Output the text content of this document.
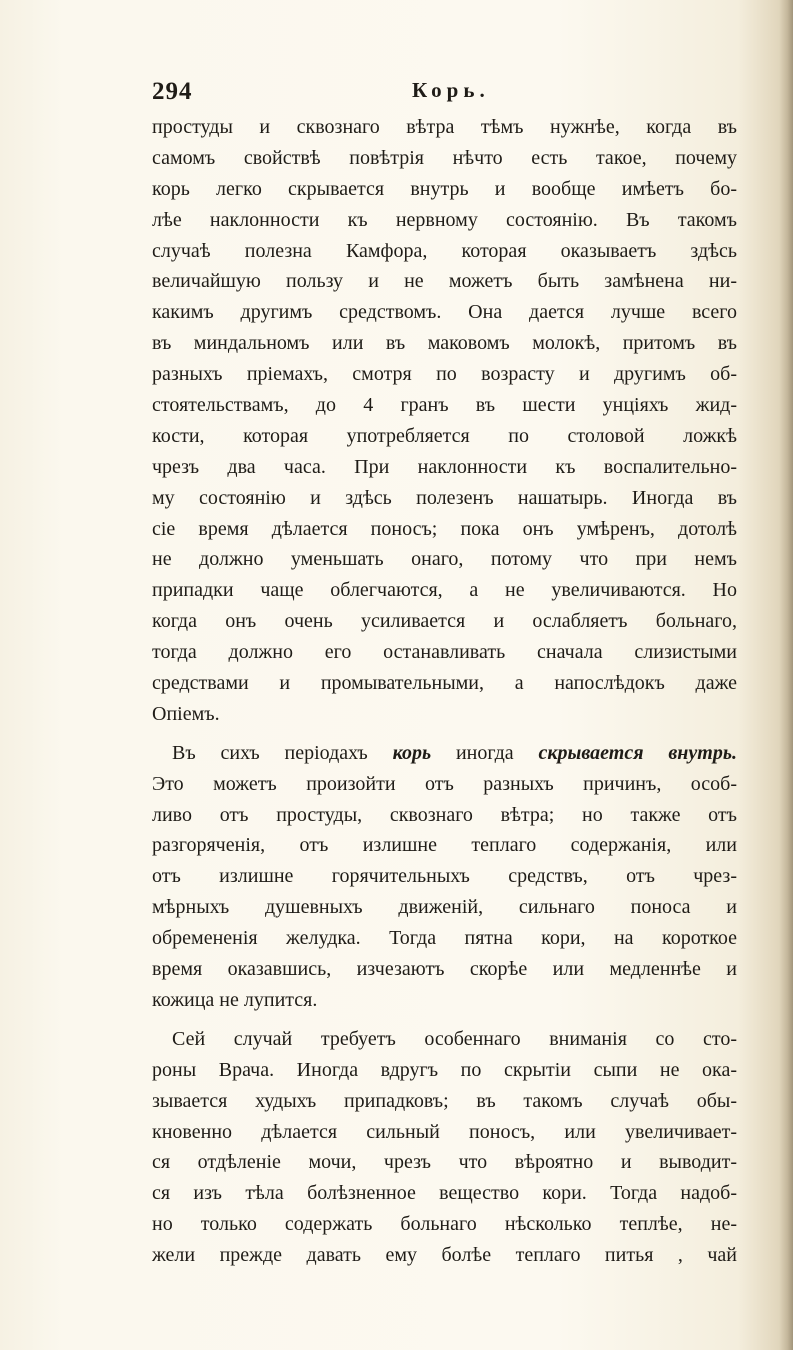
294	Корь.
простуды и сквознаго вѣтра тѣмъ нужнѣе, когда въ
самомъ свойствѣ повѣтрія нѣчто есть такое, почему
корь легко скрывается внутрь и вообще имѣетъ бо-
лѣе наклонности къ нервному состоянію. Въ такомъ
случаѣ полезна Камфора, которая оказываетъ здѣсь
величайшую пользу и не можетъ быть замѣнена ни-
какимъ другимъ средствомъ. Она дается лучше всего
въ миндальномъ или въ маковомъ молокѣ, притомъ въ
разныхъ пріемахъ, смотря по возрасту и другимъ об-
стоятельствамъ, до 4 гранъ въ шести унціяхъ жид-
кости, которая употребляется по столовой ложкѣ
чрезъ два часа. При наклонности къ воспалительно-
му состоянію и здѣсь полезенъ нашатырь. Иногда въ
сіе время дѣлается поносъ; пока онъ умѣренъ, дотолѣ
не должно уменьшать онаго, потому что при немъ
припадки чаще облегчаются, а не увеличиваются. Но
когда онъ очень усиливается и ослабляетъ больнаго,
тогда должно его останавливать сначала слизистыми
средствами и промывательными, а напослѣдокъ даже
Опіемъ.
Въ сихъ періодахъ корь иногда скрывается внутрь.
Это можетъ произойти отъ разныхъ причинъ, особ-
ливо отъ простуды, сквознаго вѣтра; но также отъ
разгоряченія, отъ излишне теплаго содержанія, или
отъ излишне горячительныхъ средствъ, отъ чрез-
мѣрныхъ душевныхъ движеній, сильнаго поноса и
обремененія желудка. Тогда пятна кори, на короткое
время оказавшись, изчезаютъ скорѣе или медленнѣе и
кожица не лупится.
Сей случай требуетъ особеннаго вниманія со сто-
роны Врача. Иногда вдругъ по скрытіи сыпи не ока-
зывается худыхъ припадковъ; въ такомъ случаѣ обы-
кновенно дѣлается сильный поносъ, или увеличивает-
ся отдѣленіе мочи, чрезъ что вѣроятно и выводит-
ся изъ тѣла болѣзненное вещество кори. Тогда надоб-
но только содержать больнаго нѣсколько теплѣе, не-
жели прежде давать ему болѣе теплаго питья , чай
